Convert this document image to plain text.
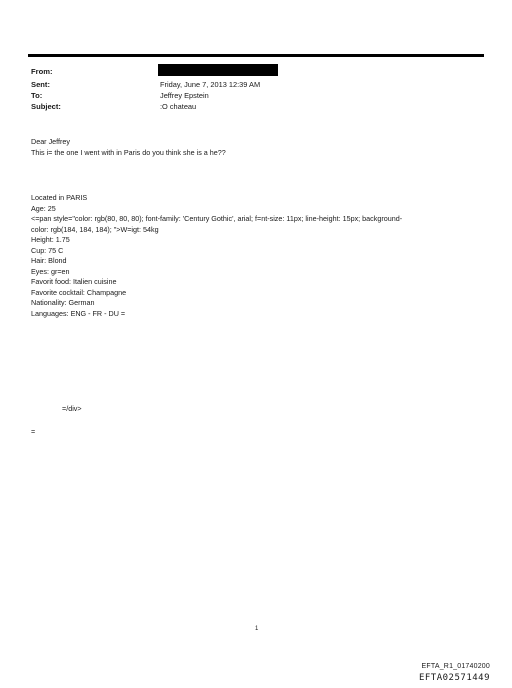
From:
Sent:	Friday, June 7, 2013 12:39 AM
To:	Jeffrey Epstein
Subject:	:O chateau
Dear Jeffrey
This i= the one I went with in Paris do you think she is a he??
Located in PARIS
Age: 25
<=pan style="color: rgb(80, 80, 80); font-family: 'Century Gothic', arial; f=nt-size: 11px; line-height: 15px; background-
color: rgb(184, 184, 184); ">W=igt: 54kg
Height: 1.75
Cup: 75 C
Hair: Blond
Eyes: gr=en
Favorit food: Italien cuisine
Favorite cocktail: Champagne
Nationality: German
Languages: ENG - FR - DU =
=/div>
=
1
EFTA_R1_01740200
EFTA02571449
